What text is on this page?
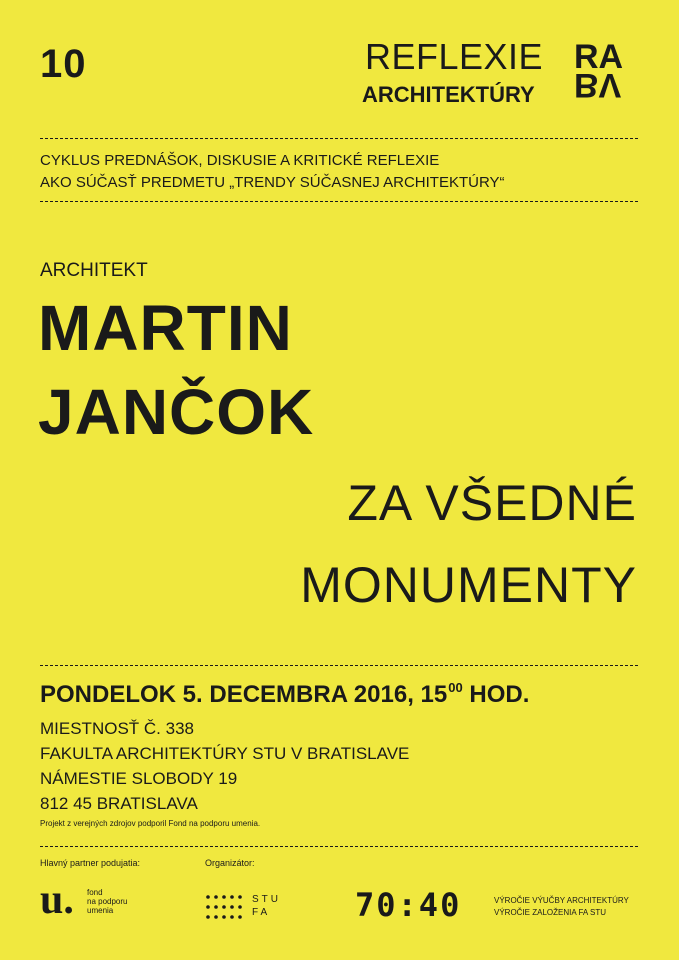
10	REFLEXIE
ARCHITEKTÚRY
RA
BV
CYKLUS PREDNÁŠOK, DISKUSIE A KRITICKÉ REFLEXIE
AKO SÚČASŤ PREDMETU „TRENDY SÚČASNEJ ARCHITEKTÚRY“
ARCHITEKT
MARTIN
JANČOK
ZA VŠEDNÉ
MONUMENTY
PONDELOK 5. DECEMBRA 2016, $15^{00}$ HOD.
MIESTNOSŤ Č. 338
FAKULTA ARCHITEKTÚRY STU V BRATISLAVE
NÁMESTIE SLOBODY 19
812 45 BRATISLAVA
Projekt z verejných zdrojov podporil Fond na podporu umenia.
Hlavný partner podujatia:	Organizátor:
u. fond
na podporu
umenia
STU
FA	70:40	VÝROČIE VÝUČBY ARCHITEKTÚRY
VÝROČIE ZALOŽENIA FA STU
